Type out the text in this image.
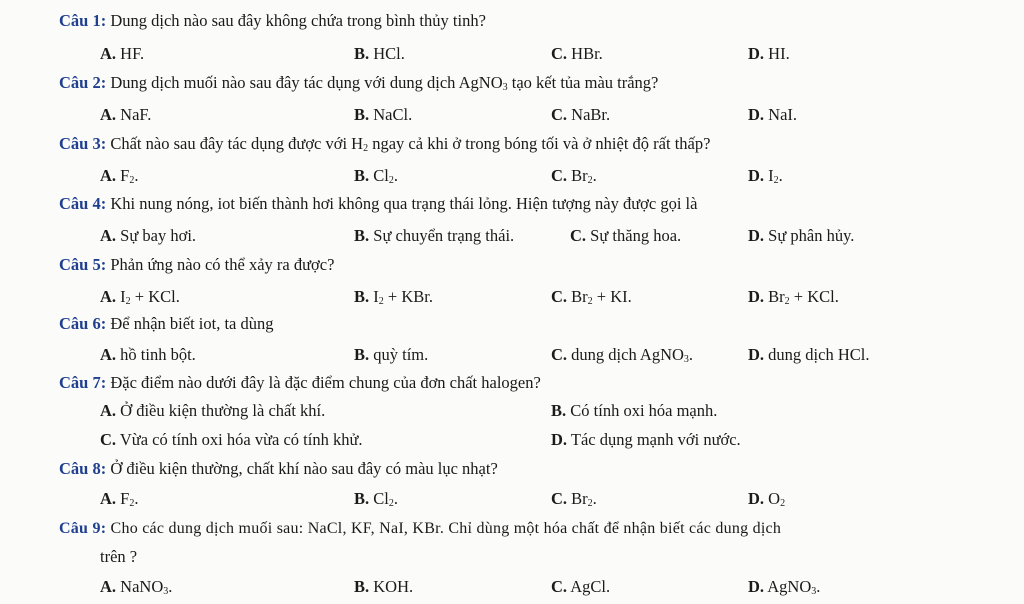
Câu 1: Dung dịch nào sau đây không chứa trong bình thủy tinh?
A. HF.	B. HCl.	C. HBr.	D. HI.
Câu 2: Dung dịch muối nào sau đây tác dụng với dung dịch AgNO$_3$ tạo kết tủa màu trắng?
A. NaF.	B. NaCl.	C. NaBr.	D. NaI.
Câu 3: Chất nào sau đây tác dụng được với $H_2$ ngay cả khi ở trong bóng tối và ở nhiệt độ rất thấp?
A. $F_2$.	B. $Cl_2$.	C. $Br_2$.	D. $I_2$.
Câu 4: Khi nung nóng, iot biến thành hơi không qua trạng thái lỏng. Hiện tượng này được gọi là
A. Sự bay hơi.	B. Sự chuyển trạng thái.	C. Sự thăng hoa.	D. Sự phân hủy.
Câu 5: Phản ứng nào có thể xảy ra được?
A. $I_2$ + KCl.	B. $I_2$ + KBr.	C. $Br_2$ + KI.	D. $Br_2$ + KCl.
Câu 6: Để nhận biết iot, ta dùng
A. hồ tinh bột.	B. quỳ tím.	C. dung dịch AgNO$_3$.	D. dung dịch HCl.
Câu 7: Đặc điểm nào dưới đây là đặc điểm chung của đơn chất halogen?
A. Ở điều kiện thường là chất khí.	B. Có tính oxi hóa mạnh.
C. Vừa có tính oxi hóa vừa có tính khử.	D. Tác dụng mạnh với nước.
Câu 8: Ở điều kiện thường, chất khí nào sau đây có màu lục nhạt?
A. $F_2$.	B. $Cl_2$.	C. $Br_2$.	D. $O_2$
Câu 9: Cho các dung dịch muối sau: NaCl, KF, NaI, KBr. Chỉ dùng một hóa chất để nhận biết các dung dịch
trên ?
A. NaNO$_3$.	B. KOH.	C. AgCl.	D. AgNO$_3$.
